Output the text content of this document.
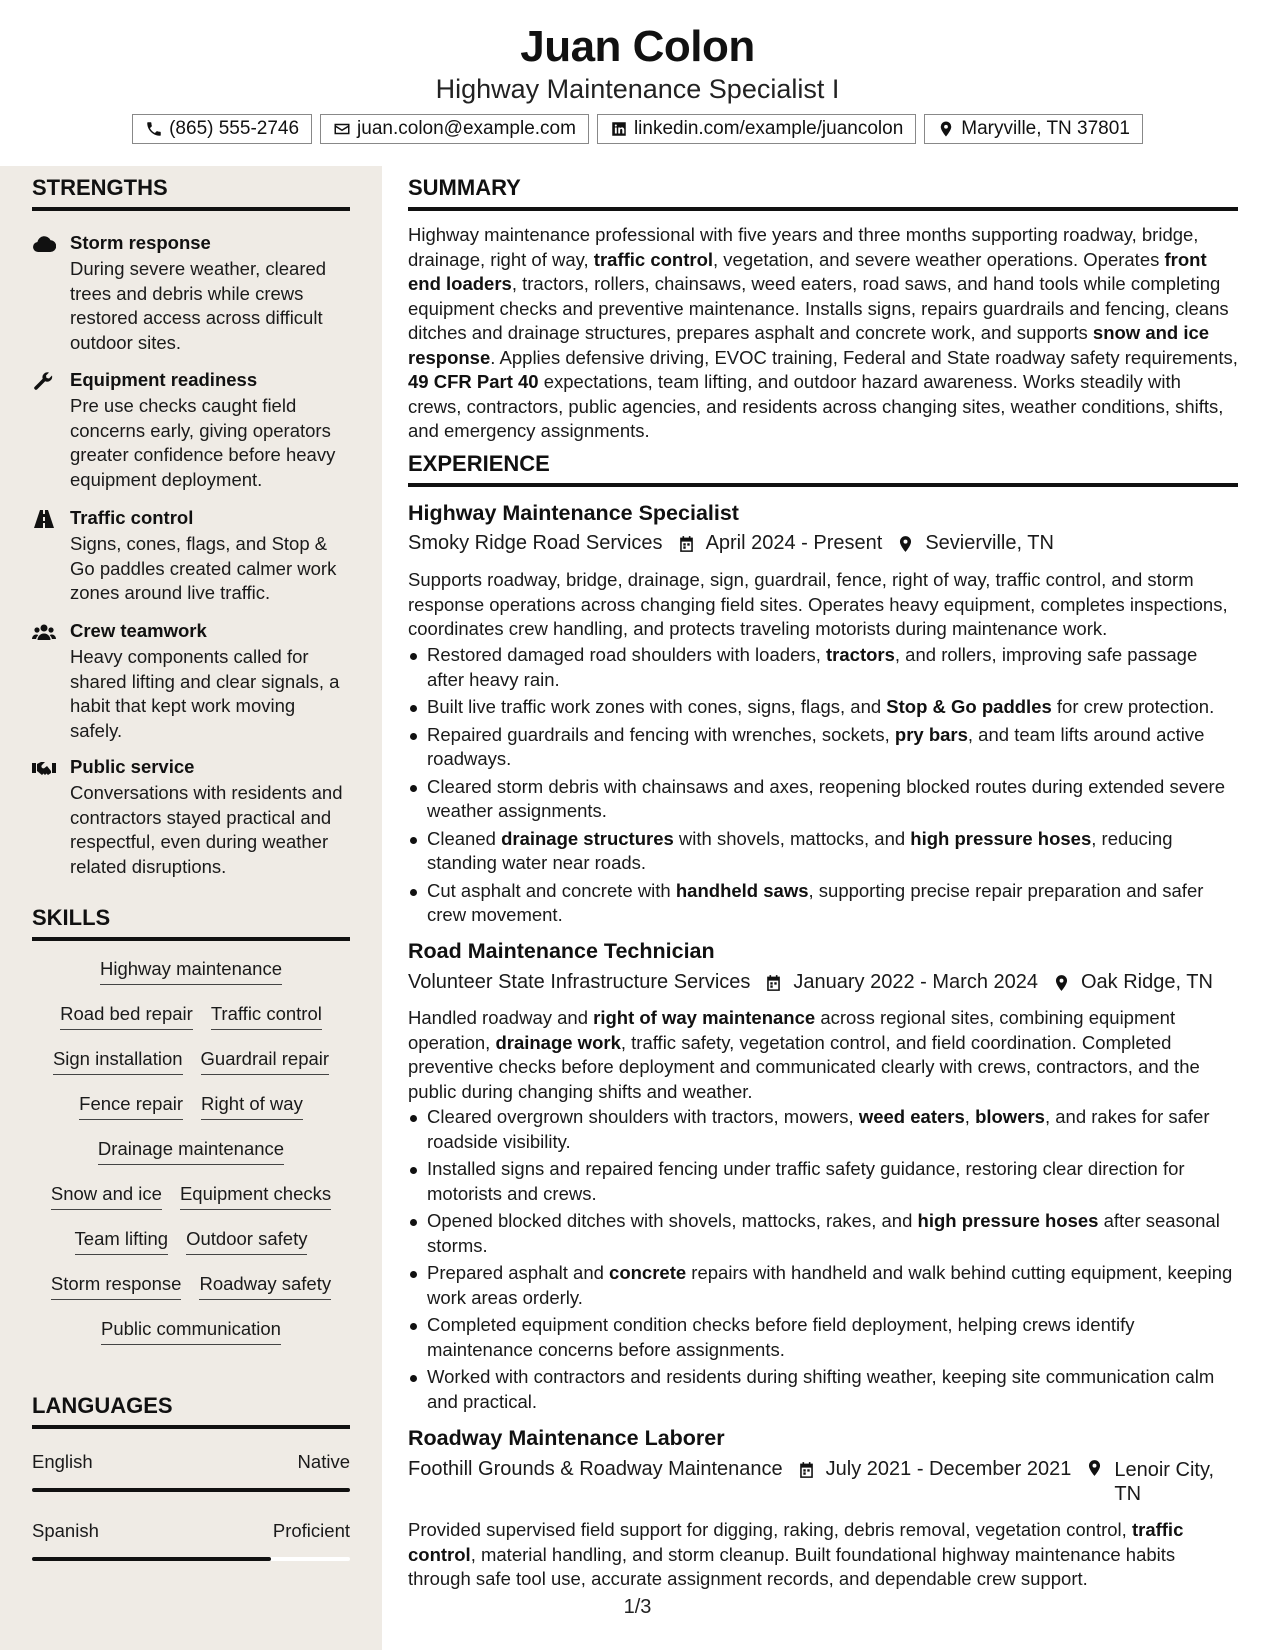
Juan Colon
Highway Maintenance Specialist I
(865) 555-2746	juan.colon@example.com	linkedin.com/example/juancolon	Maryville, TN 37801
STRENGTHS
Storm response
During severe weather, cleared trees and debris while crews restored access across difficult outdoor sites.
Equipment readiness
Pre use checks caught field concerns early, giving operators greater confidence before heavy equipment deployment.
Traffic control
Signs, cones, flags, and Stop & Go paddles created calmer work zones around live traffic.
Crew teamwork
Heavy components called for shared lifting and clear signals, a habit that kept work moving safely.
Public service
Conversations with residents and contractors stayed practical and respectful, even during weather related disruptions.
SKILLS
Highway maintenance
Road bed repair Traffic control
Sign installation Guardrail repair
Fence repair Right of way
Drainage maintenance
Snow and ice Equipment checks
Team lifting Outdoor safety
Storm response Roadway safety
Public communication
LANGUAGES
English	Native
Spanish	Proficient
SUMMARY
Highway maintenance professional with five years and three months supporting roadway, bridge, drainage, right of way, traffic control, vegetation, and severe weather operations. Operates front end loaders, tractors, rollers, chainsaws, weed eaters, road saws, and hand tools while completing equipment checks and preventive maintenance. Installs signs, repairs guardrails and fencing, cleans ditches and drainage structures, prepares asphalt and concrete work, and supports snow and ice response. Applies defensive driving, EVOC training, Federal and State roadway safety requirements, 49 CFR Part 40 expectations, team lifting, and outdoor hazard awareness. Works steadily with crews, contractors, public agencies, and residents across changing sites, weather conditions, shifts, and emergency assignments.
EXPERIENCE
Highway Maintenance Specialist
Smoky Ridge Road Services April 2024 - Present Sevierville, TN
Supports roadway, bridge, drainage, sign, guardrail, fence, right of way, traffic control, and storm response operations across changing field sites. Operates heavy equipment, completes inspections, coordinates crew handling, and protects traveling motorists during maintenance work.
Restored damaged road shoulders with loaders, tractors, and rollers, improving safe passage after heavy rain.
Built live traffic work zones with cones, signs, flags, and Stop & Go paddles for crew protection.
Repaired guardrails and fencing with wrenches, sockets, pry bars, and team lifts around active roadways.
Cleared storm debris with chainsaws and axes, reopening blocked routes during extended severe weather assignments.
Cleaned drainage structures with shovels, mattocks, and high pressure hoses, reducing standing water near roads.
Cut asphalt and concrete with handheld saws, supporting precise repair preparation and safer crew movement.
Road Maintenance Technician
Volunteer State Infrastructure Services January 2022 - March 2024 Oak Ridge, TN
Handled roadway and right of way maintenance across regional sites, combining equipment operation, drainage work, traffic safety, vegetation control, and field coordination. Completed preventive checks before deployment and communicated clearly with crews, contractors, and the public during changing shifts and weather.
Cleared overgrown shoulders with tractors, mowers, weed eaters, blowers, and rakes for safer roadside visibility.
Installed signs and repaired fencing under traffic safety guidance, restoring clear direction for motorists and crews.
Opened blocked ditches with shovels, mattocks, rakes, and high pressure hoses after seasonal storms.
Prepared asphalt and concrete repairs with handheld and walk behind cutting equipment, keeping work areas orderly.
Completed equipment condition checks before field deployment, helping crews identify maintenance concerns before assignments.
Worked with contractors and residents during shifting weather, keeping site communication calm and practical.
Roadway Maintenance Laborer
Foothill Grounds & Roadway Maintenance July 2021 - December 2021 Lenoir City, TN
Provided supervised field support for digging, raking, debris removal, vegetation control, traffic control, material handling, and storm cleanup. Built foundational highway maintenance habits through safe tool use, accurate assignment records, and dependable crew support.
1/3
